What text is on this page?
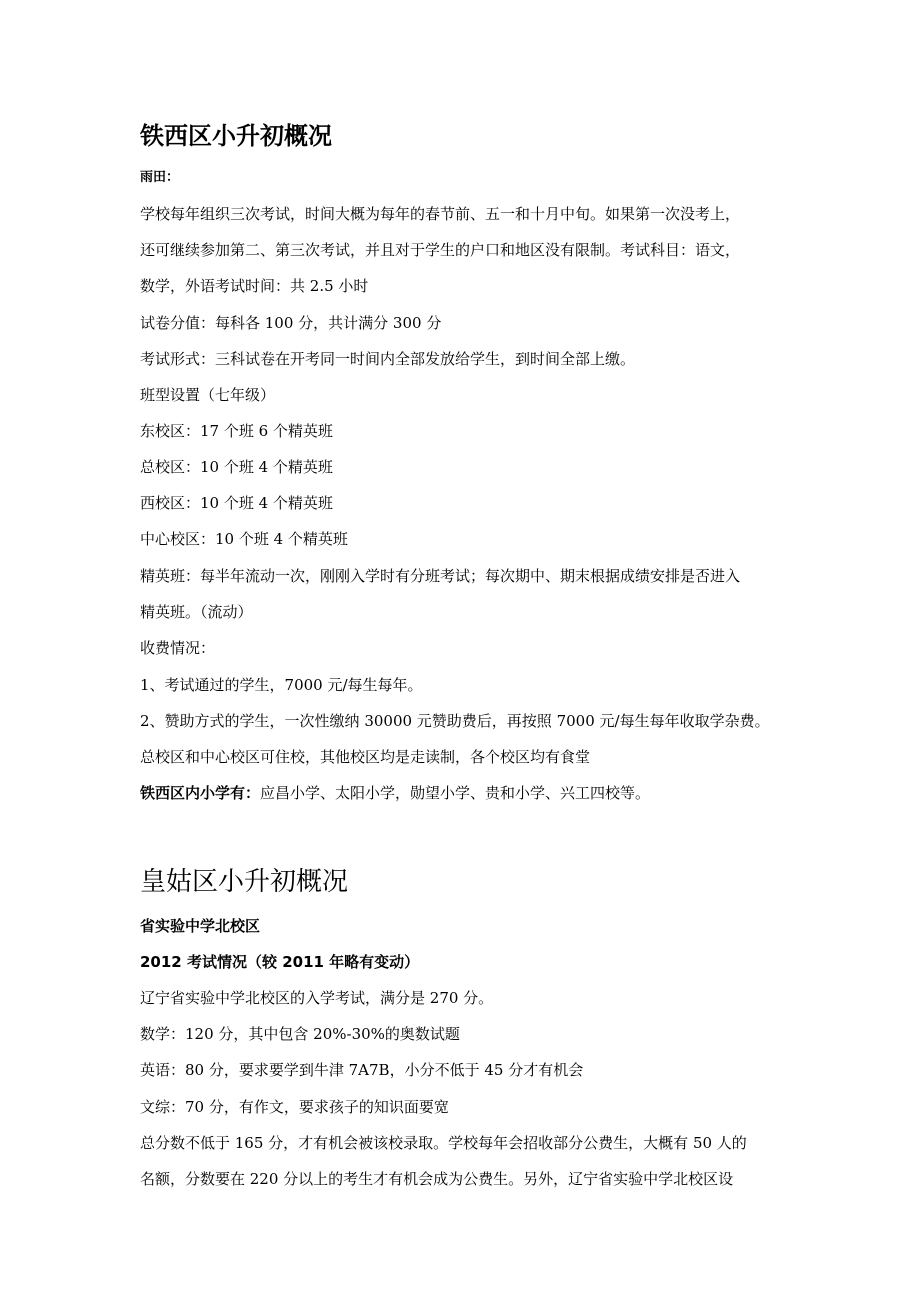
铁西区小升初概况
雨田：
学校每年组织三次考试，时间大概为每年的春节前、五一和十月中旬。如果第一次没考上，
还可继续参加第二、第三次考试，并且对于学生的户口和地区没有限制。考试科目：语文，
数学，外语考试时间：共 2.5 小时
试卷分值：每科各 100 分，共计满分 300 分
考试形式：三科试卷在开考同一时间内全部发放给学生，到时间全部上缴。
班型设置（七年级）
东校区：17 个班 6 个精英班
总校区：10 个班 4 个精英班
西校区：10 个班 4 个精英班
中心校区：10 个班 4 个精英班
精英班：每半年流动一次，刚刚入学时有分班考试；每次期中、期末根据成绩安排是否进入
精英班。（流动）
收费情况：
1、考试通过的学生，7000 元/每生每年。
2、赞助方式的学生，一次性缴纳 30000 元赞助费后，再按照 7000 元/每生每年收取学杂费。
总校区和中心校区可住校，其他校区均是走读制，各个校区均有食堂
铁西区内小学有：应昌小学、太阳小学，勋望小学、贵和小学、兴工四校等。
皇姑区小升初概况
省实验中学北校区
2012 考试情况（较 2011 年略有变动）
辽宁省实验中学北校区的入学考试，满分是 270 分。
数学：120 分，其中包含 20%-30%的奥数试题
英语：80 分，要求要学到牛津 7A7B，小分不低于 45 分才有机会
文综：70 分，有作文，要求孩子的知识面要宽
总分数不低于 165 分，才有机会被该校录取。学校每年会招收部分公费生，大概有 50 人的
名额，分数要在 220 分以上的考生才有机会成为公费生。另外，辽宁省实验中学北校区设
